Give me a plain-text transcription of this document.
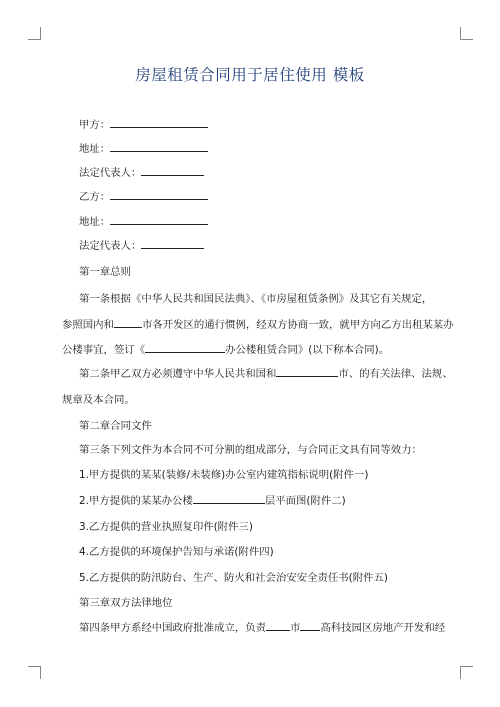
房屋租赁合同用于居住使用 模板
甲方：
地址：
法定代表人：
乙方：
地址：
法定代表人：
第一章总则
第一条根据《中华人民共和国民法典》、《市房屋租赁条例》及其它有关规定，
参照国内和	市各开发区的通行惯例，经双方协商一致，就甲方向乙方出租某某办
公楼事宜，签订《	办公楼租赁合同》(以下称本合同)。
第二条甲乙双方必须遵守中华人民共和国和	市、的有关法律、法规、
规章及本合同。
第二章合同文件
第三条下列文件为本合同不可分割的组成部分，与合同正文具有同等效力：
1.甲方提供的某某(装修/未装修)办公室内建筑指标说明(附件一)
2.甲方提供的某某办公楼	层平面图(附件二)
3.乙方提供的营业执照复印件(附件三)
4.乙方提供的环境保护告知与承诺(附件四)
5.乙方提供的防汛防台、生产、防火和社会治安安全责任书(附件五)
第三章双方法律地位
第四条甲方系经中国政府批准成立，负责 市 高科技园区房地产开发和经
